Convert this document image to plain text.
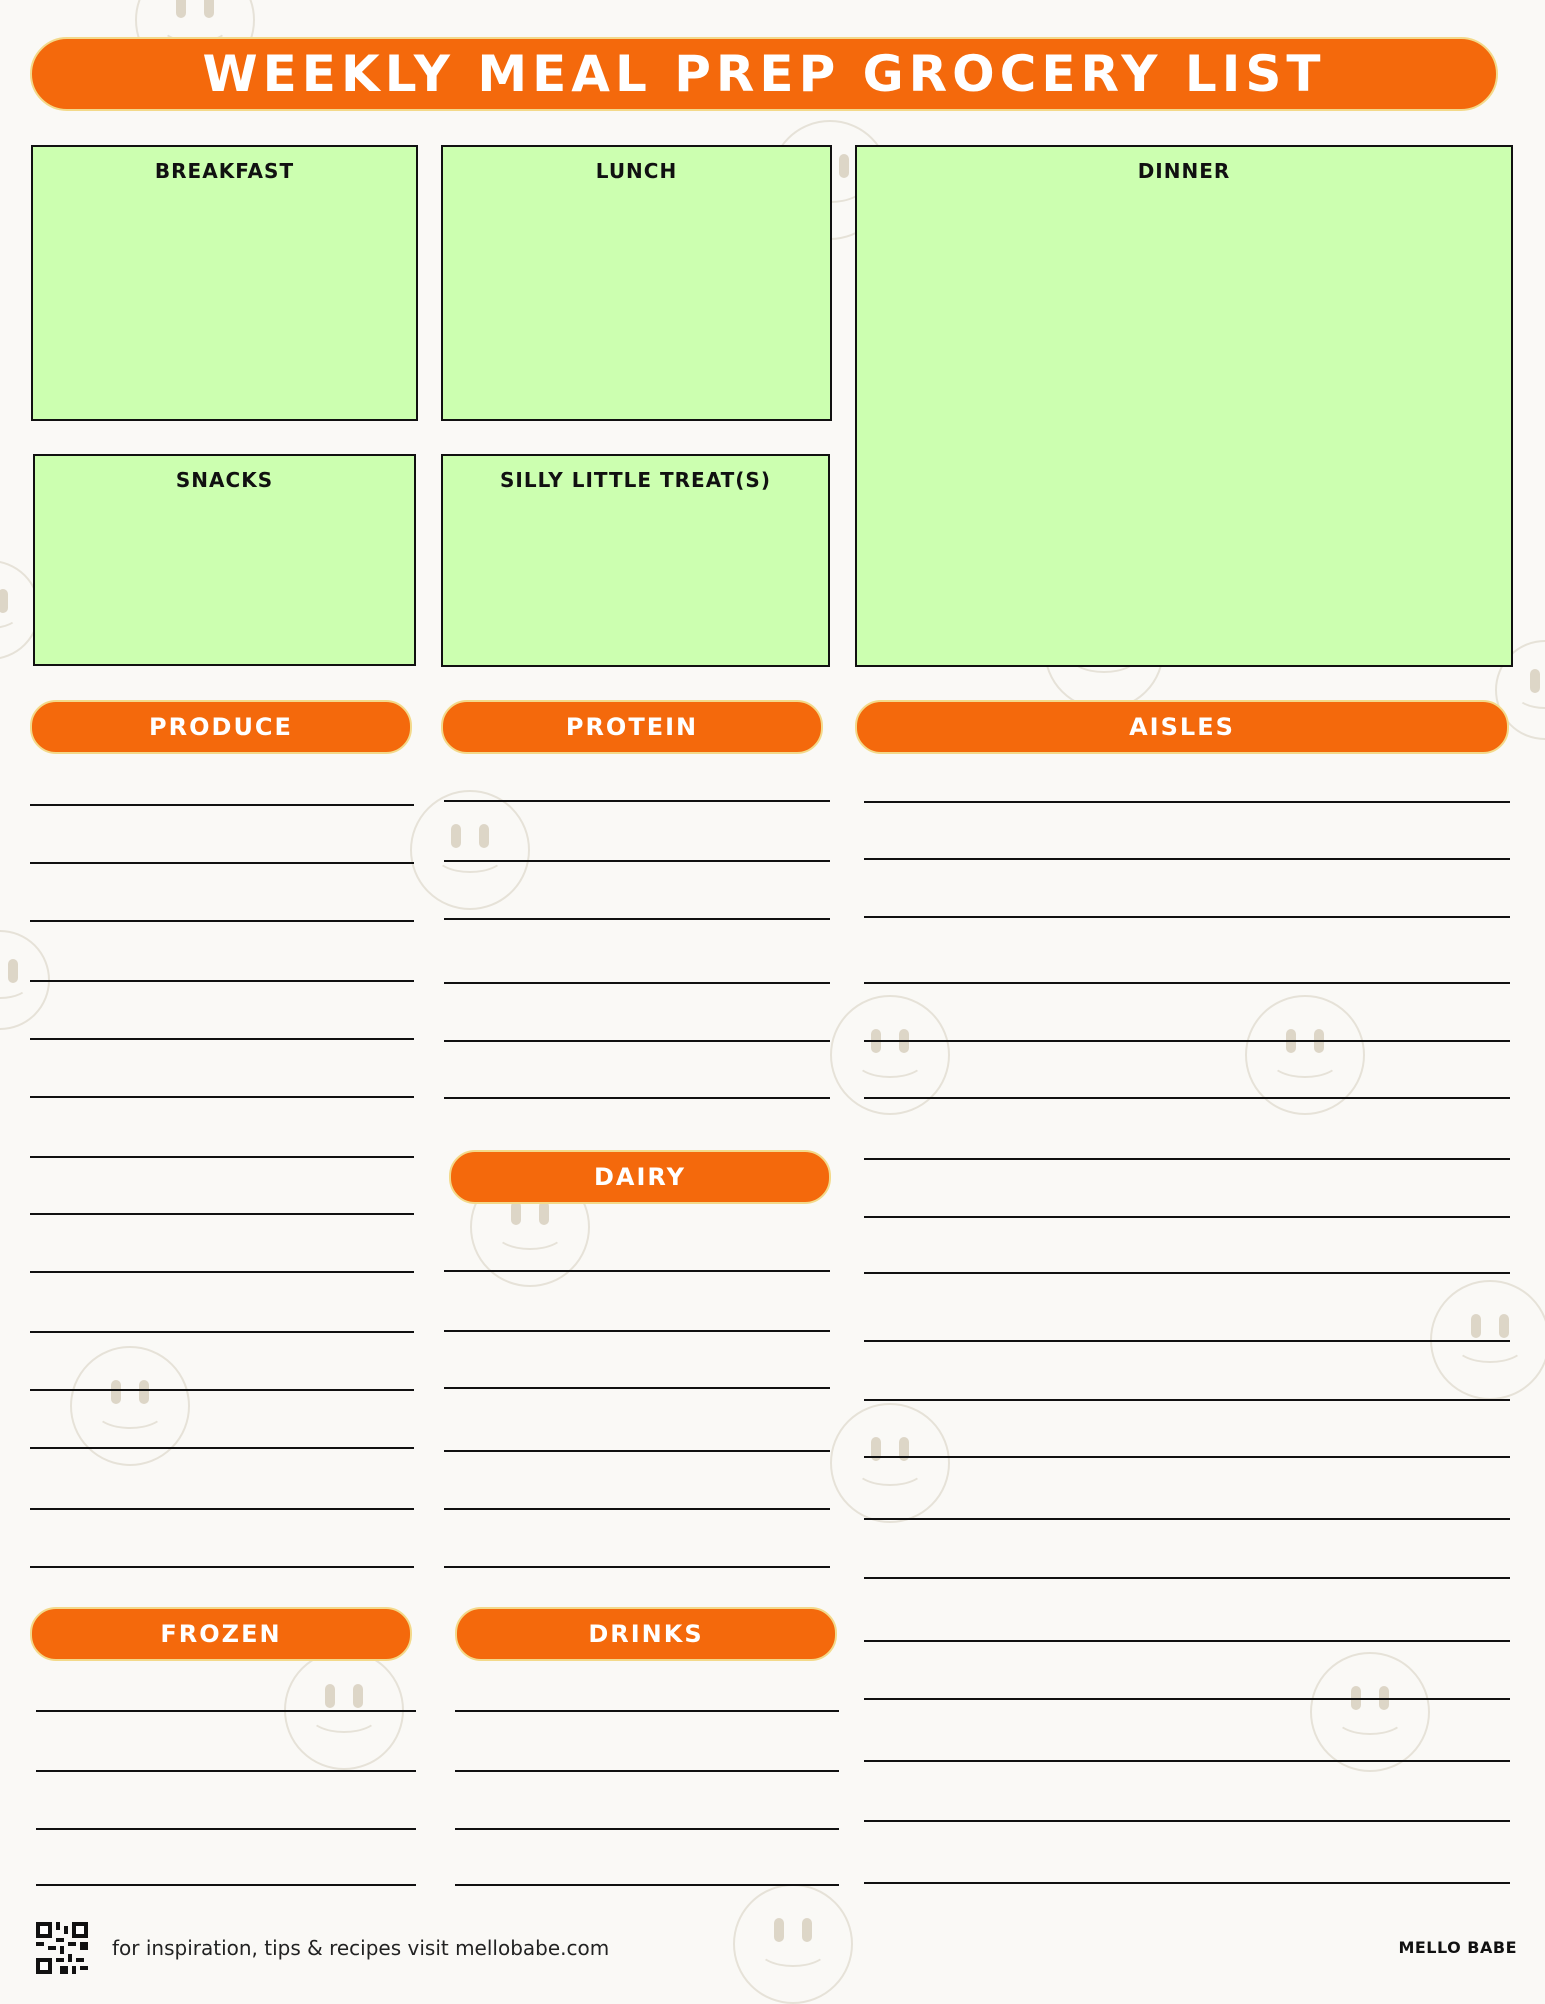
WEEKLY MEAL PREP GROCERY LIST
BREAKFAST	LUNCH	DINNER
SNACKS	SILLY LITTLE TREAT(S)
PRODUCE	PROTEIN	AISLES
DAIRY
FROZEN	DRINKS
for inspiration, tips & recipes visit mellobabe.com	MELLO BABE
